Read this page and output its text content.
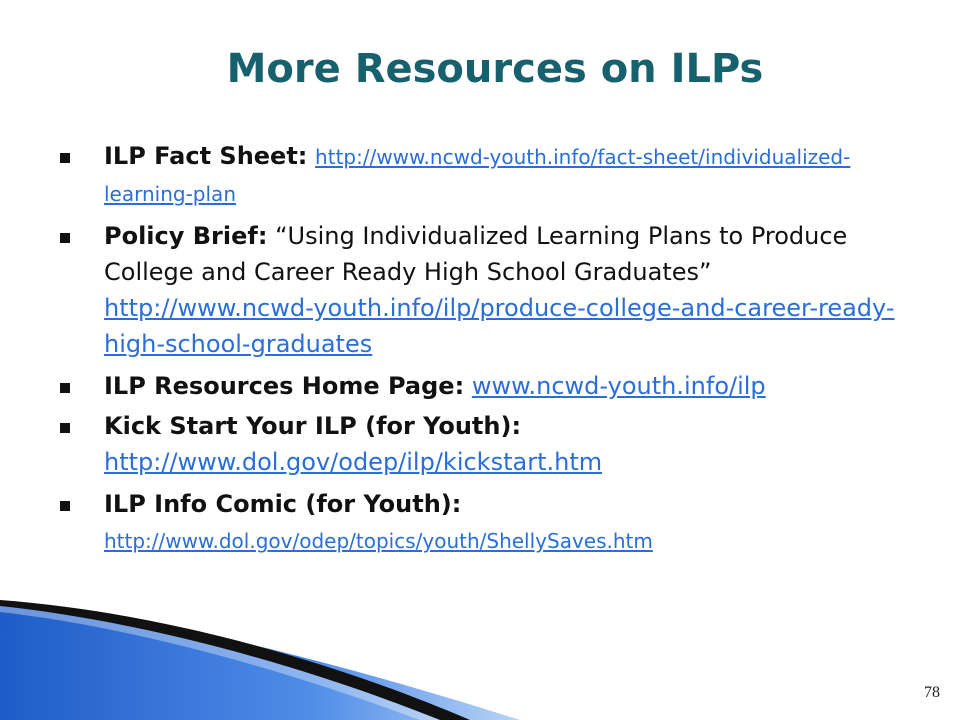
More Resources on ILPs
ILP Fact Sheet: http://www.ncwd-youth.info/fact-sheet/individualized-learning-plan
Policy Brief: “Using Individualized Learning Plans to Produce College and Career Ready High School Graduates” http://www.ncwd-youth.info/ilp/produce-college-and-career-ready-high-school-graduates
ILP Resources Home Page: www.ncwd-youth.info/ilp
Kick Start Your ILP (for Youth):
http://www.dol.gov/odep/ilp/kickstart.htm
ILP Info Comic (for Youth):
http://www.dol.gov/odep/topics/youth/ShellySaves.htm
78
